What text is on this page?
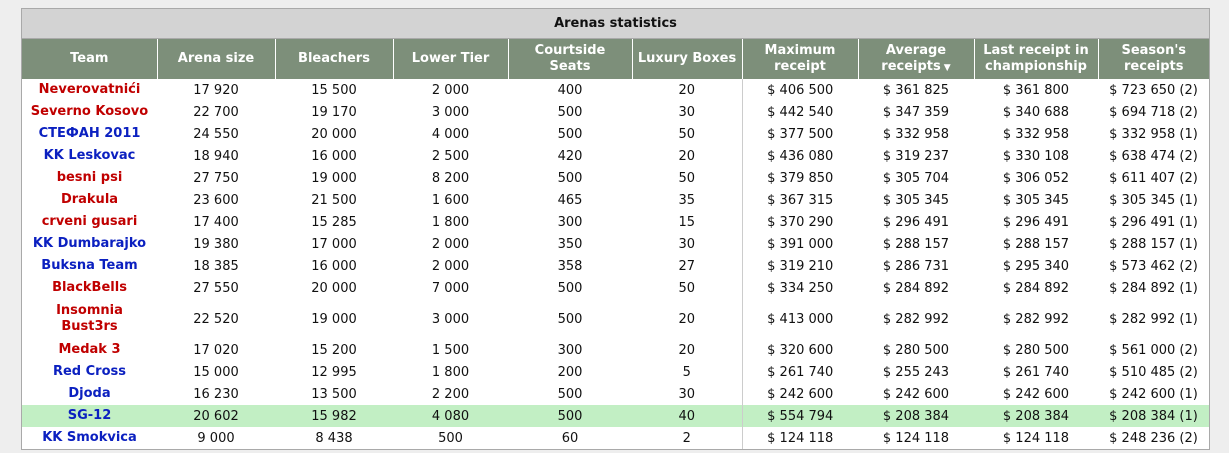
Arenas statistics
Team	Arena size	Bleachers	Lower Tier	Courtside Seats	Luxury Boxes	Maximum receipt	Average receipts ▼	Last receipt in championship	Season's receipts
Neverovatnići	17 920	15 500	2 000	400	20	$ 406 500	$ 361 825	$ 361 800	$ 723 650 (2)
Severno Kosovo	22 700	19 170	3 000	500	30	$ 442 540	$ 347 359	$ 340 688	$ 694 718 (2)
СТЕФАН 2011	24 550	20 000	4 000	500	50	$ 377 500	$ 332 958	$ 332 958	$ 332 958 (1)
KK Leskovac	18 940	16 000	2 500	420	20	$ 436 080	$ 319 237	$ 330 108	$ 638 474 (2)
besni psi	27 750	19 000	8 200	500	50	$ 379 850	$ 305 704	$ 306 052	$ 611 407 (2)
Drakula	23 600	21 500	1 600	465	35	$ 367 315	$ 305 345	$ 305 345	$ 305 345 (1)
crveni gusari	17 400	15 285	1 800	300	15	$ 370 290	$ 296 491	$ 296 491	$ 296 491 (1)
KK Dumbarajko	19 380	17 000	2 000	350	30	$ 391 000	$ 288 157	$ 288 157	$ 288 157 (1)
Buksna Team	18 385	16 000	2 000	358	27	$ 319 210	$ 286 731	$ 295 340	$ 573 462 (2)
BlackBells	27 550	20 000	7 000	500	50	$ 334 250	$ 284 892	$ 284 892	$ 284 892 (1)
Insomnia Bust3rs	22 520	19 000	3 000	500	20	$ 413 000	$ 282 992	$ 282 992	$ 282 992 (1)
Medak 3	17 020	15 200	1 500	300	20	$ 320 600	$ 280 500	$ 280 500	$ 561 000 (2)
Red Cross	15 000	12 995	1 800	200	5	$ 261 740	$ 255 243	$ 261 740	$ 510 485 (2)
Djoda	16 230	13 500	2 200	500	30	$ 242 600	$ 242 600	$ 242 600	$ 242 600 (1)
SG-12	20 602	15 982	4 080	500	40	$ 554 794	$ 208 384	$ 208 384	$ 208 384 (1)
KK Smokvica	9 000	8 438	500	60	2	$ 124 118	$ 124 118	$ 124 118	$ 248 236 (2)
